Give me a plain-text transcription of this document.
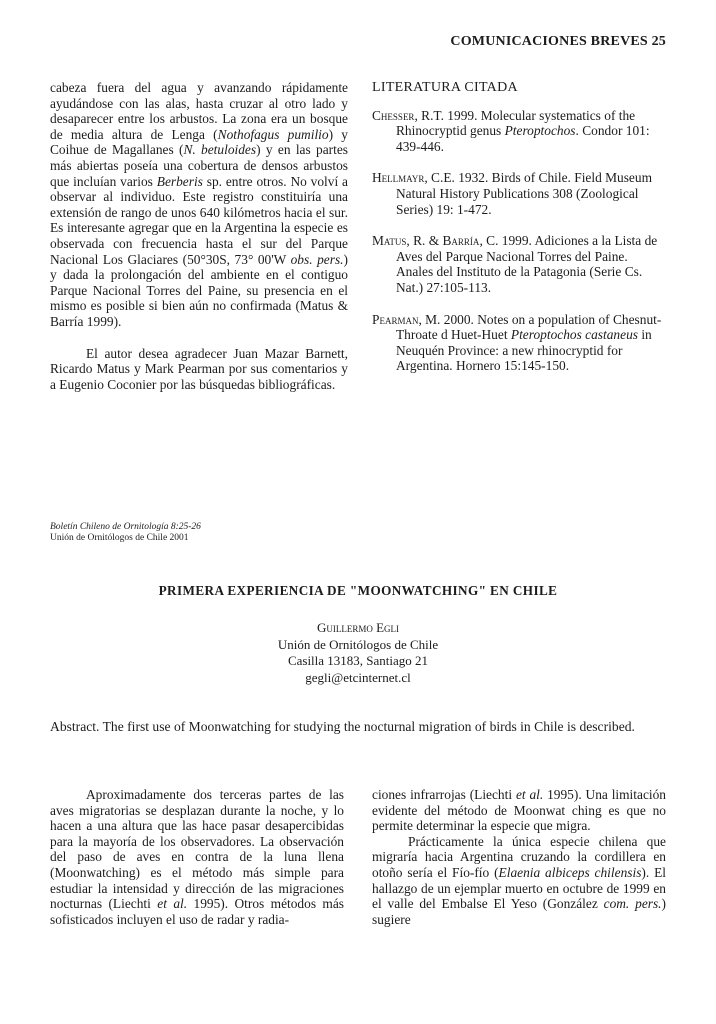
COMUNICACIONES BREVES 25

cabeza fuera del agua y avanzando rápidamente ayudándose con las alas, hasta cruzar al otro lado y desaparecer entre los arbustos. La zona era un bosque de media altura de Lenga (Nothofagus pumilio) y Coihue de Magallanes (N. betuloides) y en las partes más abiertas poseía una cobertura de densos arbustos que incluían varios Berberis sp. entre otros. No volví a observar al individuo. Este registro constituiría una extensión de rango de unos 640 kilómetros hacia el sur. Es interesante agregar que en la Argentina la especie es observada con frecuencia hasta el sur del Parque Nacional Los Glaciares (50°30S, 73° 00'W obs. pers.) y dada la prolongación del ambiente en el contiguo Parque Nacional Torres del Paine, su presencia en el mismo es posible si bien aún no confirmada (Matus & Barría 1999).

El autor desea agradecer Juan Mazar Barnett, Ricardo Matus y Mark Pearman por sus comentarios y a Eugenio Coconier por las búsquedas bibliográficas.

LITERATURA CITADA

Chesser, R.T. 1999. Molecular systematics of the Rhinocryptid genus Pteroptochos. Condor 101: 439-446.

Hellmayr, C.E. 1932. Birds of Chile. Field Museum Natural History Publications 308 (Zoological Series) 19: 1-472.

Matus, R. & Barría, C. 1999. Adiciones a la Lista de Aves del Parque Nacional Torres del Paine. Anales del Instituto de la Patagonia (Serie Cs. Nat.) 27:105-113.

Pearman, M. 2000. Notes on a population of Chesnut-Throate d Huet-Huet Pteroptochos castaneus in Neuquén Province: a new rhinocryptid for Argentina. Hornero 15:145-150.

Boletín Chileno de Ornitología 8:25-26
Unión de Ornitólogos de Chile 2001
PRIMERA EXPERIENCIA DE "MOONWATCHING" EN CHILE
Guillermo Egli
Unión de Ornitólogos de Chile
Casilla 13183, Santiago 21
gegli@etcinternet.cl
Abstract. The first use of Moonwatching for studying the nocturnal migration of birds in Chile is described.

Aproximadamente dos terceras partes de las aves migratorias se desplazan durante la noche, y lo hacen a una altura que las hace pasar desapercibidas para la mayoría de los observadores. La observación del paso de aves en contra de la luna llena (Moonwatching) es el método más simple para estudiar la intensidad y dirección de las migraciones nocturnas (Liechti et al. 1995). Otros métodos más sofisticados incluyen el uso de radar y radia-

ciones infrarrojas (Liechti et al. 1995). Una limitación evidente del método de Moonwat ching es que no permite determinar la especie que migra.

Prácticamente la única especie chilena que migraría hacia Argentina cruzando la cordillera en otoño sería el Fío-fío (Elaenia albiceps chilensis). El hallazgo de un ejemplar muerto en octubre de 1999 en el valle del Embalse El Yeso (González com. pers.) sugiere
